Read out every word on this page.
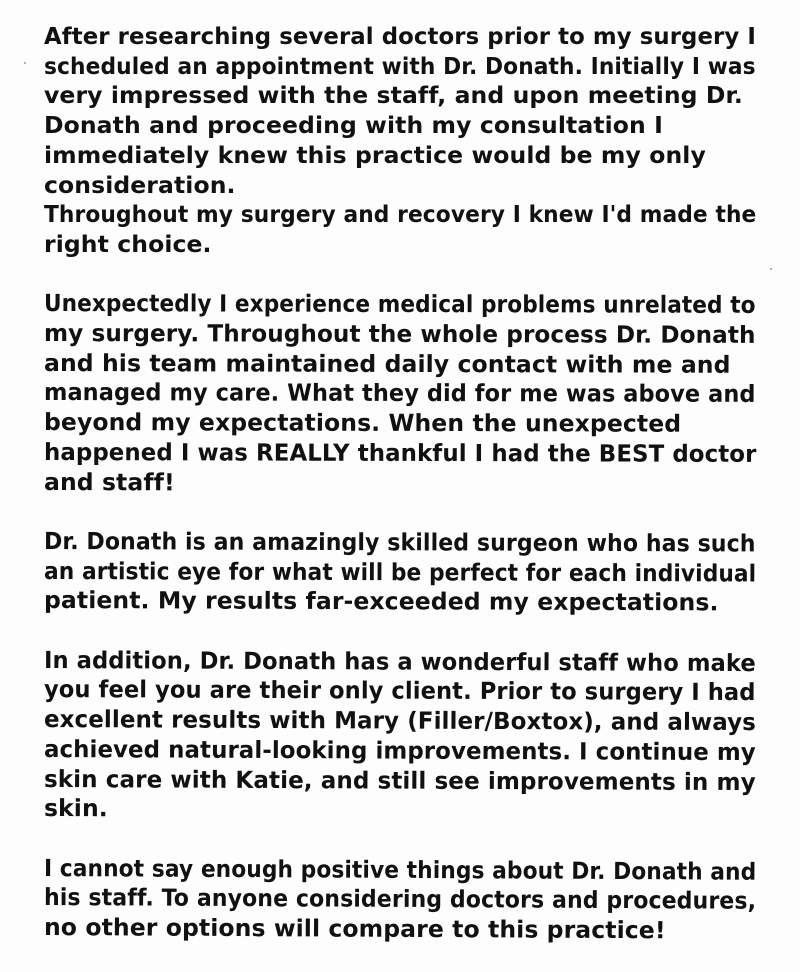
After researching several doctors prior to my surgery I
scheduled an appointment with Dr. Donath. Initially I was
very impressed with the staff, and upon meeting Dr.
Donath and proceeding with my consultation I
immediately knew this practice would be my only
consideration.
Throughout my surgery and recovery I knew I'd made the
right choice.
Unexpectedly I experience medical problems unrelated to
my surgery. Throughout the whole process Dr. Donath
and his team maintained daily contact with me and
managed my care. What they did for me was above and
beyond my expectations. When the unexpected
happened I was REALLY thankful I had the BEST doctor
and staff!
Dr. Donath is an amazingly skilled surgeon who has such
an artistic eye for what will be perfect for each individual
patient. My results far-exceeded my expectations.
In addition, Dr. Donath has a wonderful staff who make
you feel you are their only client. Prior to surgery I had
excellent results with Mary (Filler/Boxtox), and always
achieved natural-looking improvements. I continue my
skin care with Katie, and still see improvements in my
skin.
I cannot say enough positive things about Dr. Donath and
his staff. To anyone considering doctors and procedures,
no other options will compare to this practice!
